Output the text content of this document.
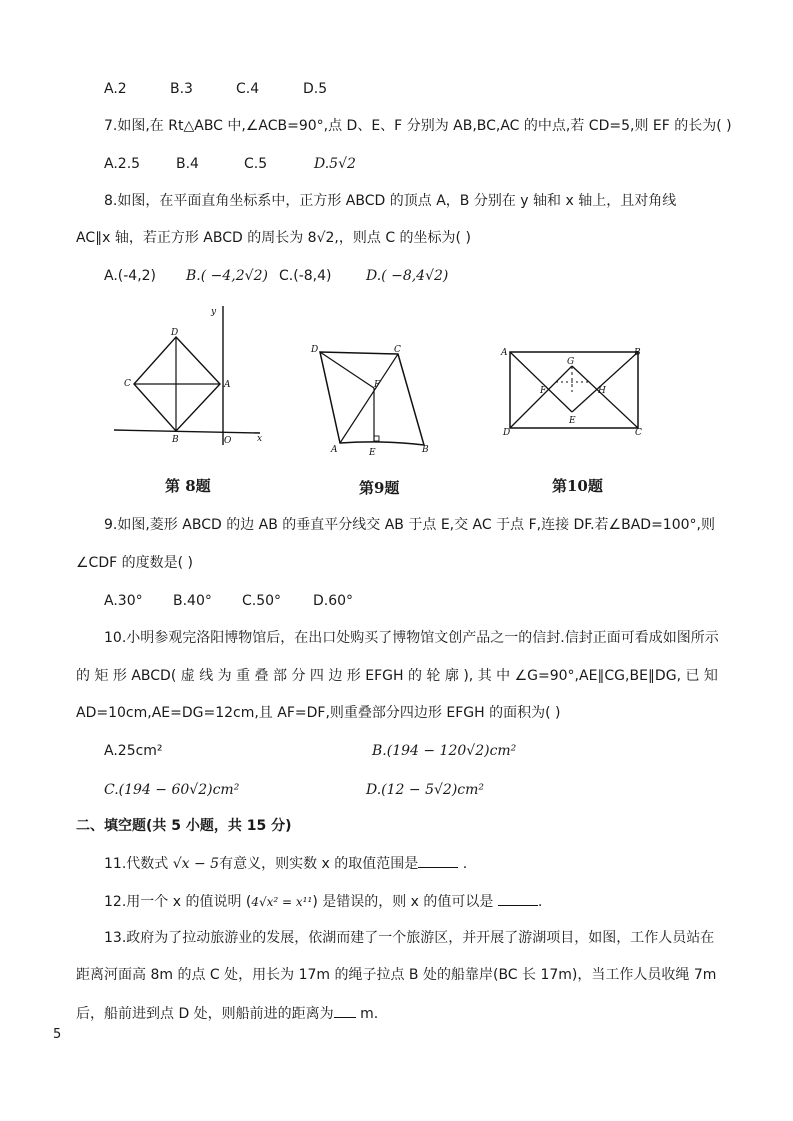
A.2	B.3	C.4	D.5
7.如图,在 Rt△ABC 中,∠ACB=90°,点 D、E、F 分别为 AB,BC,AC 的中点,若 CD=5,则 EF 的长为( )
A.2.5	B.4	C.5	D.5√2
8.如图，在平面直角坐标系中，正方形 ABCD 的顶点 A，B 分别在 y 轴和 x 轴上，且对角线
AC∥x 轴，若正方形 ABCD 的周长为 8√2,，则点 C 的坐标为( )
A.(-4,2) B.( −4,2√2) C.(-8,4) D.( −8,4√2)
D
C	A
B	O	x
y
第 8题
D	C
F
A	E	B
第9题
A	B
G
F	H
E
D	C
第10题
9.如图,菱形 ABCD 的边 AB 的垂直平分线交 AB 于点 E,交 AC 于点 F,连接 DF.若∠BAD=100°,则
∠CDF 的度数是( )
A.30° B.40° C.50° D.60°
10.小明参观完洛阳博物馆后，在出口处购买了博物馆文创产品之一的信封.信封正面可看成如图所示
的 矩 形 ABCD( 虚 线 为 重 叠 部 分 四 边 形 EFGH 的 轮 廓 ), 其 中 ∠G=90°,AE∥CG,BE∥DG, 已 知
AD=10cm,AE=DG=12cm,且 AF=DF,则重叠部分四边形 EFGH 的面积为( )
A.25cm²	B.(194 − 120√2)cm²
C.(194 − 60√2)cm²	D.(12 − 5√2)cm²
二、填空题(共 5 小题，共 15 分)
11.代数式 √x − 5有意义，则实数 x 的取值范围是	.
12.用一个 x 的值说明 (4√x² = x¹¹) 是错误的，则 x 的值可以是	.
13.政府为了拉动旅游业的发展，依湖而建了一个旅游区，并开展了游湖项目，如图，工作人员站在
距离河面高 8m 的点 C 处，用长为 17m 的绳子拉点 B 处的船靠岸(BC 长 17m)，当工作人员收绳 7m
后，船前进到点 D 处，则船前进的距离为 m.
5
